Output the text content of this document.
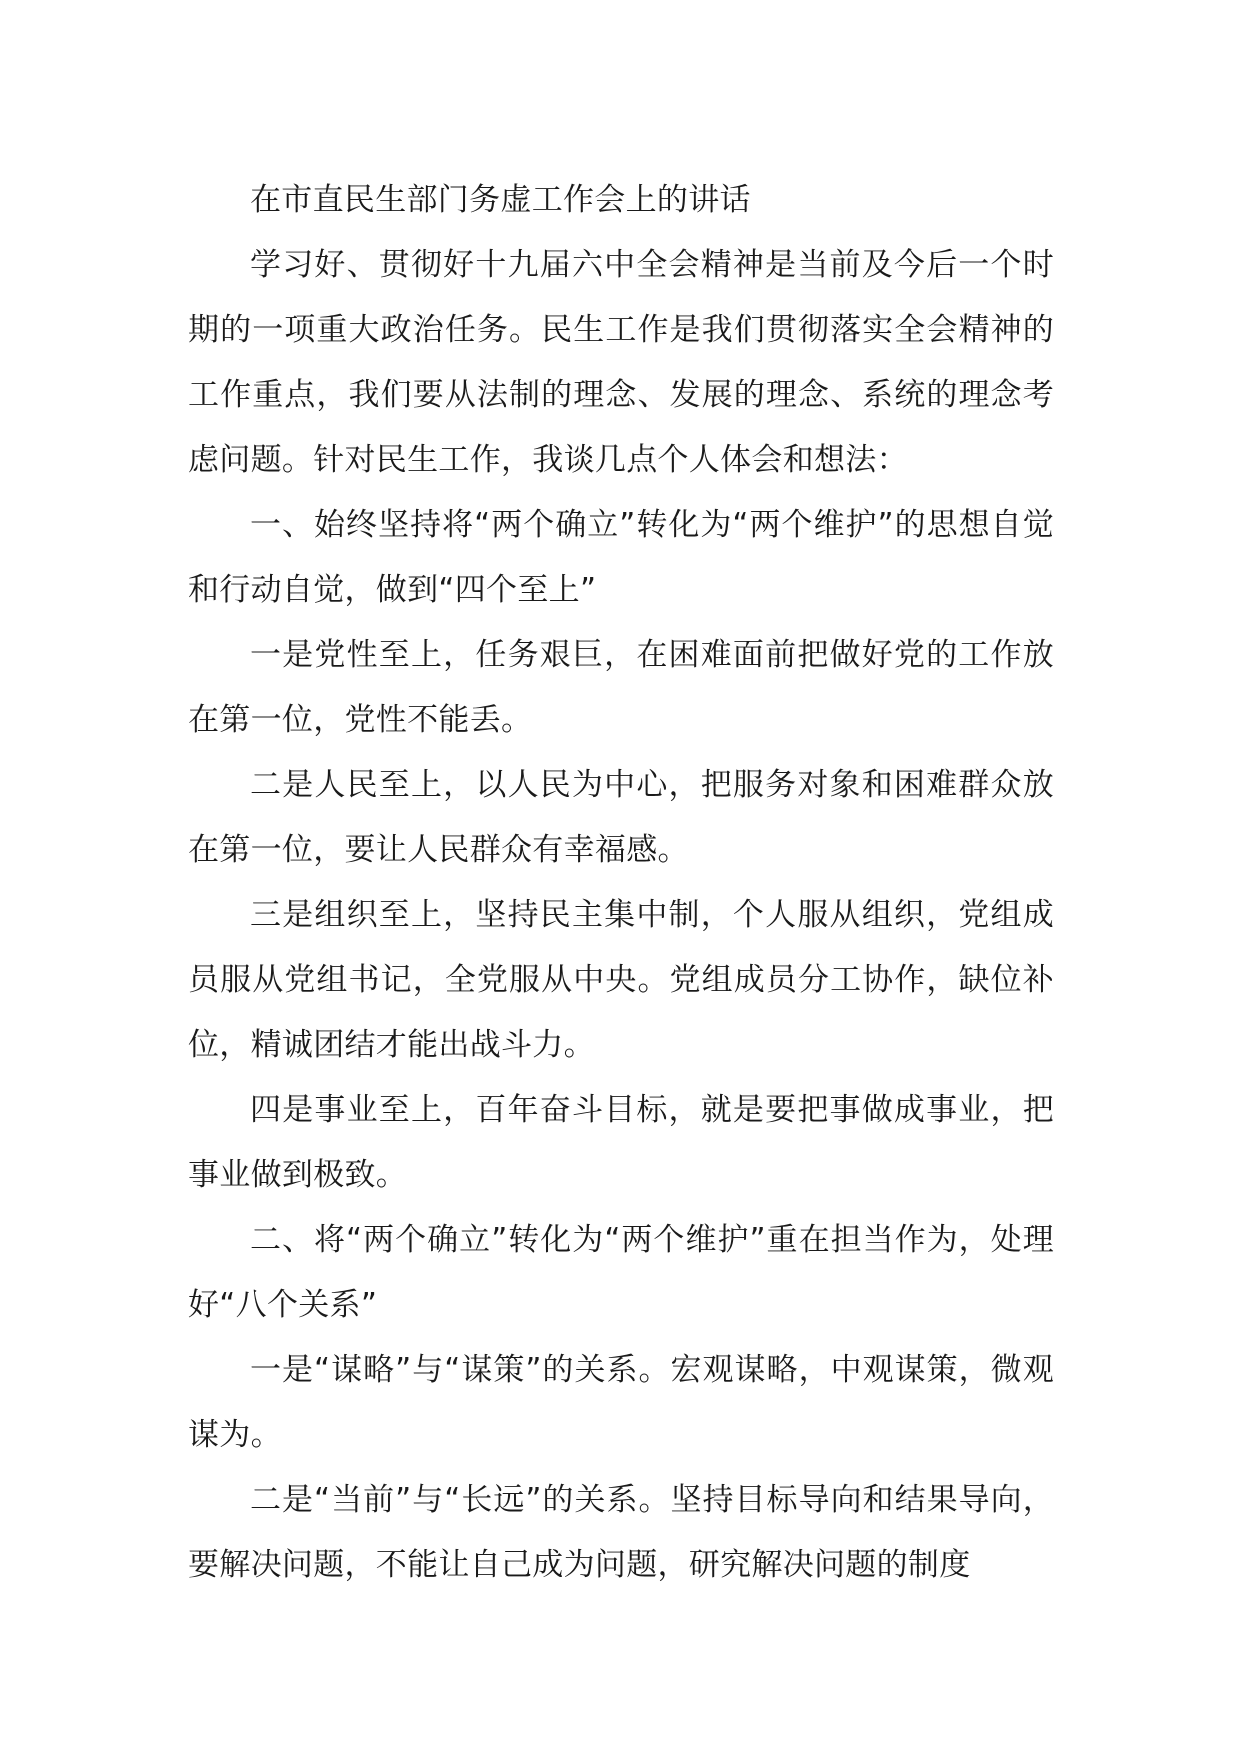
在市直民生部门务虚工作会上的讲话

学习好、贯彻好十九届六中全会精神是当前及今后一个时期的一项重大政治任务。民生工作是我们贯彻落实全会精神的工作重点，我们要从法制的理念、发展的理念、系统的理念考虑问题。针对民生工作，我谈几点个人体会和想法：

一、始终坚持将“两个确立”转化为“两个维护”的思想自觉和行动自觉，做到“四个至上”

一是党性至上，任务艰巨，在困难面前把做好党的工作放在第一位，党性不能丢。

二是人民至上，以人民为中心，把服务对象和困难群众放在第一位，要让人民群众有幸福感。

三是组织至上，坚持民主集中制，个人服从组织，党组成员服从党组书记，全党服从中央。党组成员分工协作，缺位补位，精诚团结才能出战斗力。

四是事业至上，百年奋斗目标，就是要把事做成事业，把事业做到极致。

二、将“两个确立”转化为“两个维护”重在担当作为，处理好“八个关系”

一是“谋略”与“谋策”的关系。宏观谋略，中观谋策，微观谋为。

二是“当前”与“长远”的关系。坚持目标导向和结果导向，要解决问题，不能让自己成为问题，研究解决问题的制度
